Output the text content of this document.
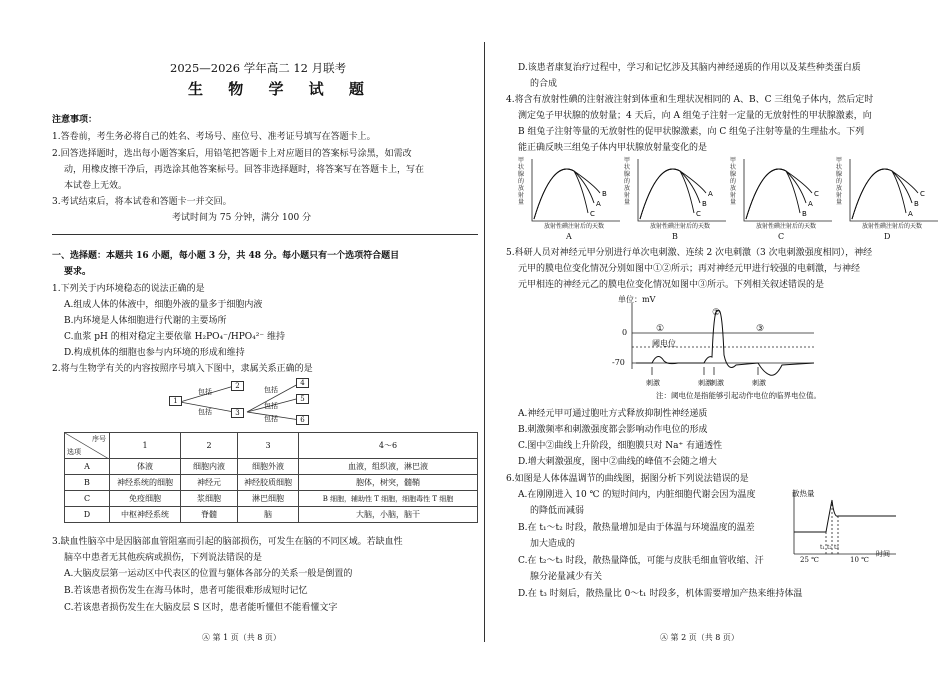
2025—2026 学年高二 12 月联考
生 物 学 试 题
注意事项：
1.答卷前，考生务必将自己的姓名、考场号、座位号、准考证号填写在答题卡上。
2.回答选择题时，选出每小题答案后，用铅笔把答题卡上对应题目的答案标号涂黑，如需改
动，用橡皮擦干净后，再选涂其他答案标号。回答非选择题时，将答案写在答题卡上，写在
本试卷上无效。
3.考试结束后，将本试卷和答题卡一并交回。
考试时间为 75 分钟，满分 100 分
一、选择题：本题共 16 小题，每小题 3 分，共 48 分。每小题只有一个选项符合题目
要求。
1.下列关于内环境稳态的说法正确的是
A.组成人体的体液中，细胞外液的量多于细胞内液
B.内环境是人体细胞进行代谢的主要场所
C.血浆 pH 的相对稳定主要依靠 H₂PO₄⁻/HPO₄²⁻ 维持
D.构成机体的细胞也参与内环境的形成和维持
2.将与生物学有关的内容按照序号填入下图中，隶属关系正确的是
1
2
3
4
5
6
包括
包括
包括
包括
包括
序号
选项	1	2	3	4～6
A	体液	细胞内液	细胞外液	血液，组织液，淋巴液
B	神经系统的细胞	神经元	神经胶质细胞	胞体，树突，髓鞘
C	免疫细胞	浆细胞	淋巴细胞	B 细胞，辅助性 T 细胞，细胞毒性 T 细胞
D	中枢神经系统	脊髓	脑	大脑，小脑，脑干
3.缺血性脑卒中是因脑部血管阻塞而引起的脑部损伤，可发生在脑的不同区域。若缺血性
脑卒中患者无其他疾病或损伤，下列说法错误的是
A.大脑皮层第一运动区中代表区的位置与躯体各部分的关系一般是倒置的
B.若该患者损伤发生在海马体时，患者可能很难形成短时记忆
C.若该患者损伤发生在大脑皮层 S 区时，患者能听懂但不能看懂文字
Ⓐ 第 1 页（共 8 页）
D.该患者康复治疗过程中，学习和记忆涉及其脑内神经递质的作用以及某些种类蛋白质
的合成
4.将含有放射性碘的注射液注射到体重和生理状况相同的 A、B、C 三组兔子体内，然后定时
测定兔子甲状腺的放射量；4 天后，向 A 组兔子注射一定量的无放射性的甲状腺激素，向
B 组兔子注射等量的无放射性的促甲状腺激素，向 C 组兔子注射等量的生理盐水。下列
能正确反映三组兔子体内甲状腺放射量变化的是
C
A
B
甲状腺的放射量
放射性碘注射后的天数
A
C
B
A
甲状腺的放射量
放射性碘注射后的天数
B
B
A
C
甲状腺的放射量
放射性碘注射后的天数
C
A
B
C
甲状腺的放射量
放射性碘注射后的天数
D
5.科研人员对神经元甲分别进行单次电刺激、连续 2 次电刺激（3 次电刺激强度相同），神经
元甲的膜电位变化情况分别如图中①②所示；再对神经元甲进行较强的电刺激，与神经
元甲相连的神经元乙的膜电位变化情况如图中③所示。下列相关叙述错误的是
单位：mV
0
-70
阈电位
①
②
③
刺激	刺激
刺激	刺激
注：阈电位是指能够引起动作电位的临界电位值。
A.神经元甲可通过胞吐方式释放抑制性神经递质
B.刺激频率和刺激强度都会影响动作电位的形成
C.图中②曲线上升阶段，细胞膜只对 Na⁺ 有通透性
D.增大刺激强度，图中②曲线的峰值不会随之增大
6.如图是人体体温调节的曲线图，据图分析下列说法错误的是
A.在刚刚进入 10 ℃ 的短时间内，内脏细胞代谢会因为温度
的降低而减弱
B.在 t₁～t₂ 时段，散热量增加是由于体温与环境温度的温差
加大造成的
C.在 t₂～t₃ 时段，散热量降低，可能与皮肤毛细血管收缩、汗
腺分泌量减少有关
D.在 t₃ 时刻后，散热量比 0～t₁ 时段多，机体需要增加产热来维持体温
散热量
时间
25 ℃	10 ℃
t₁ t₂ t₃
Ⓐ 第 2 页（共 8 页）
